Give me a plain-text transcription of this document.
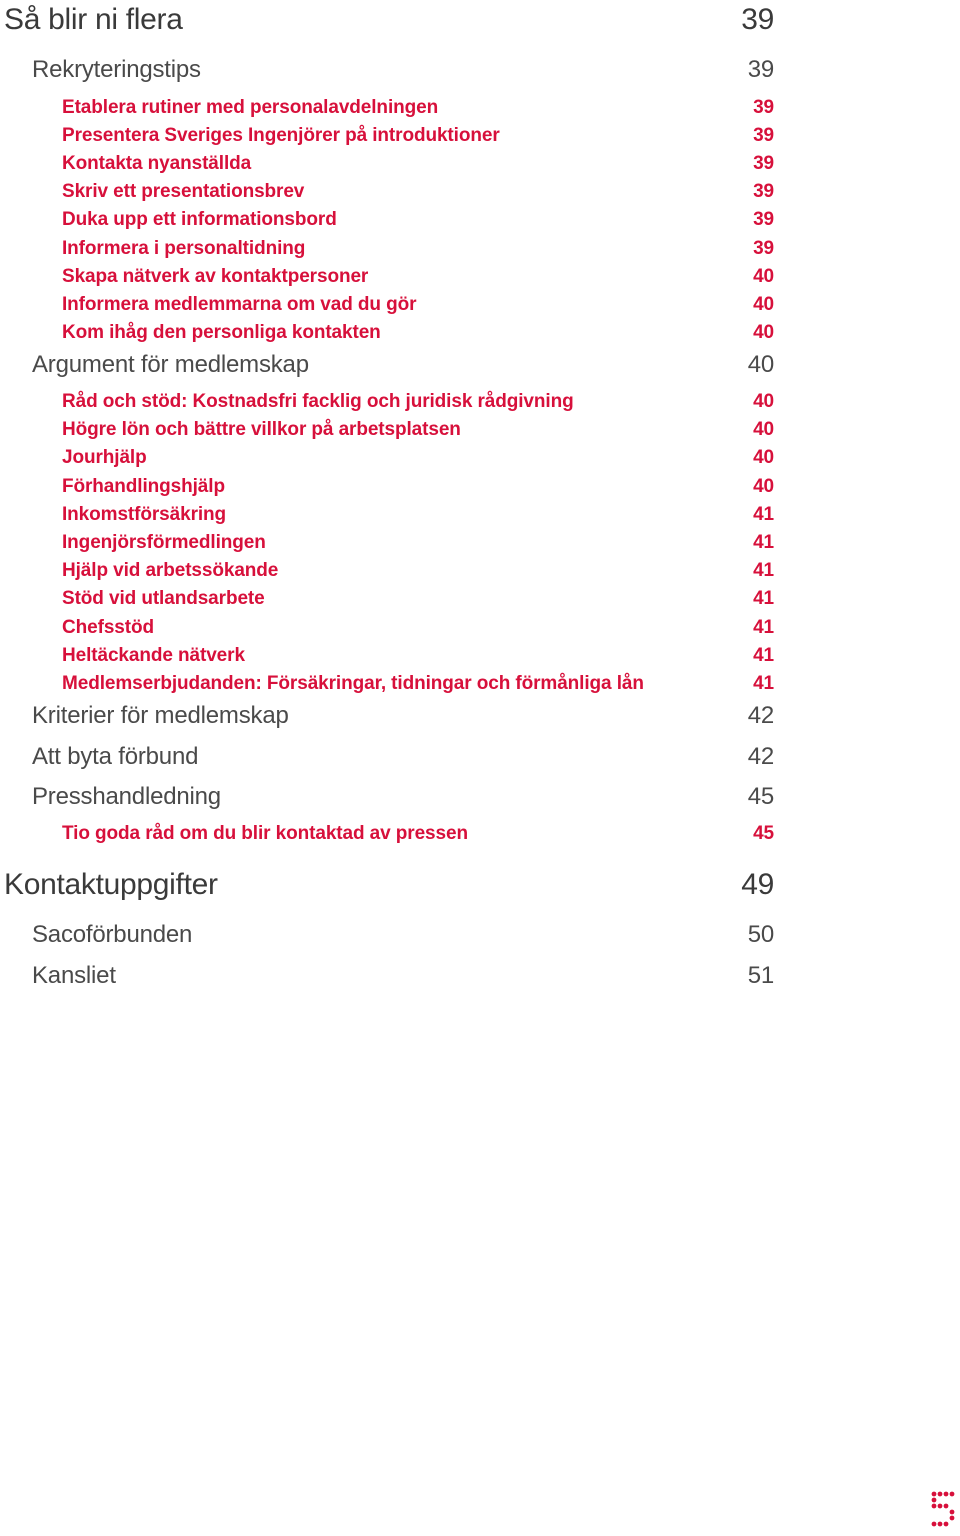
Så blir ni flera	39
Rekryteringstips	39
Etablera rutiner med personalavdelningen	39
Presentera Sveriges Ingenjörer på introduktioner	39
Kontakta nyanställda	39
Skriv ett presentationsbrev	39
Duka upp ett informationsbord	39
Informera i personaltidning	39
Skapa nätverk av kontaktpersoner	40
Informera medlemmarna om vad du gör	40
Kom ihåg den personliga kontakten	40
Argument för medlemskap	40
Råd och stöd: Kostnadsfri facklig och juridisk rådgivning	40
Högre lön och bättre villkor på arbetsplatsen	40
Jourhjälp	40
Förhandlingshjälp	40
Inkomstförsäkring	41
Ingenjörsförmedlingen	41
Hjälp vid arbetssökande	41
Stöd vid utlandsarbete	41
Chefsstöd	41
Heltäckande nätverk	41
Medlemserbjudanden: Försäkringar, tidningar och förmånliga lån	41
Kriterier för medlemskap	42
Att byta förbund	42
Presshandledning	45
Tio goda råd om du blir kontaktad av pressen	45
Kontaktuppgifter	49
Sacoförbunden	50
Kansliet	51
